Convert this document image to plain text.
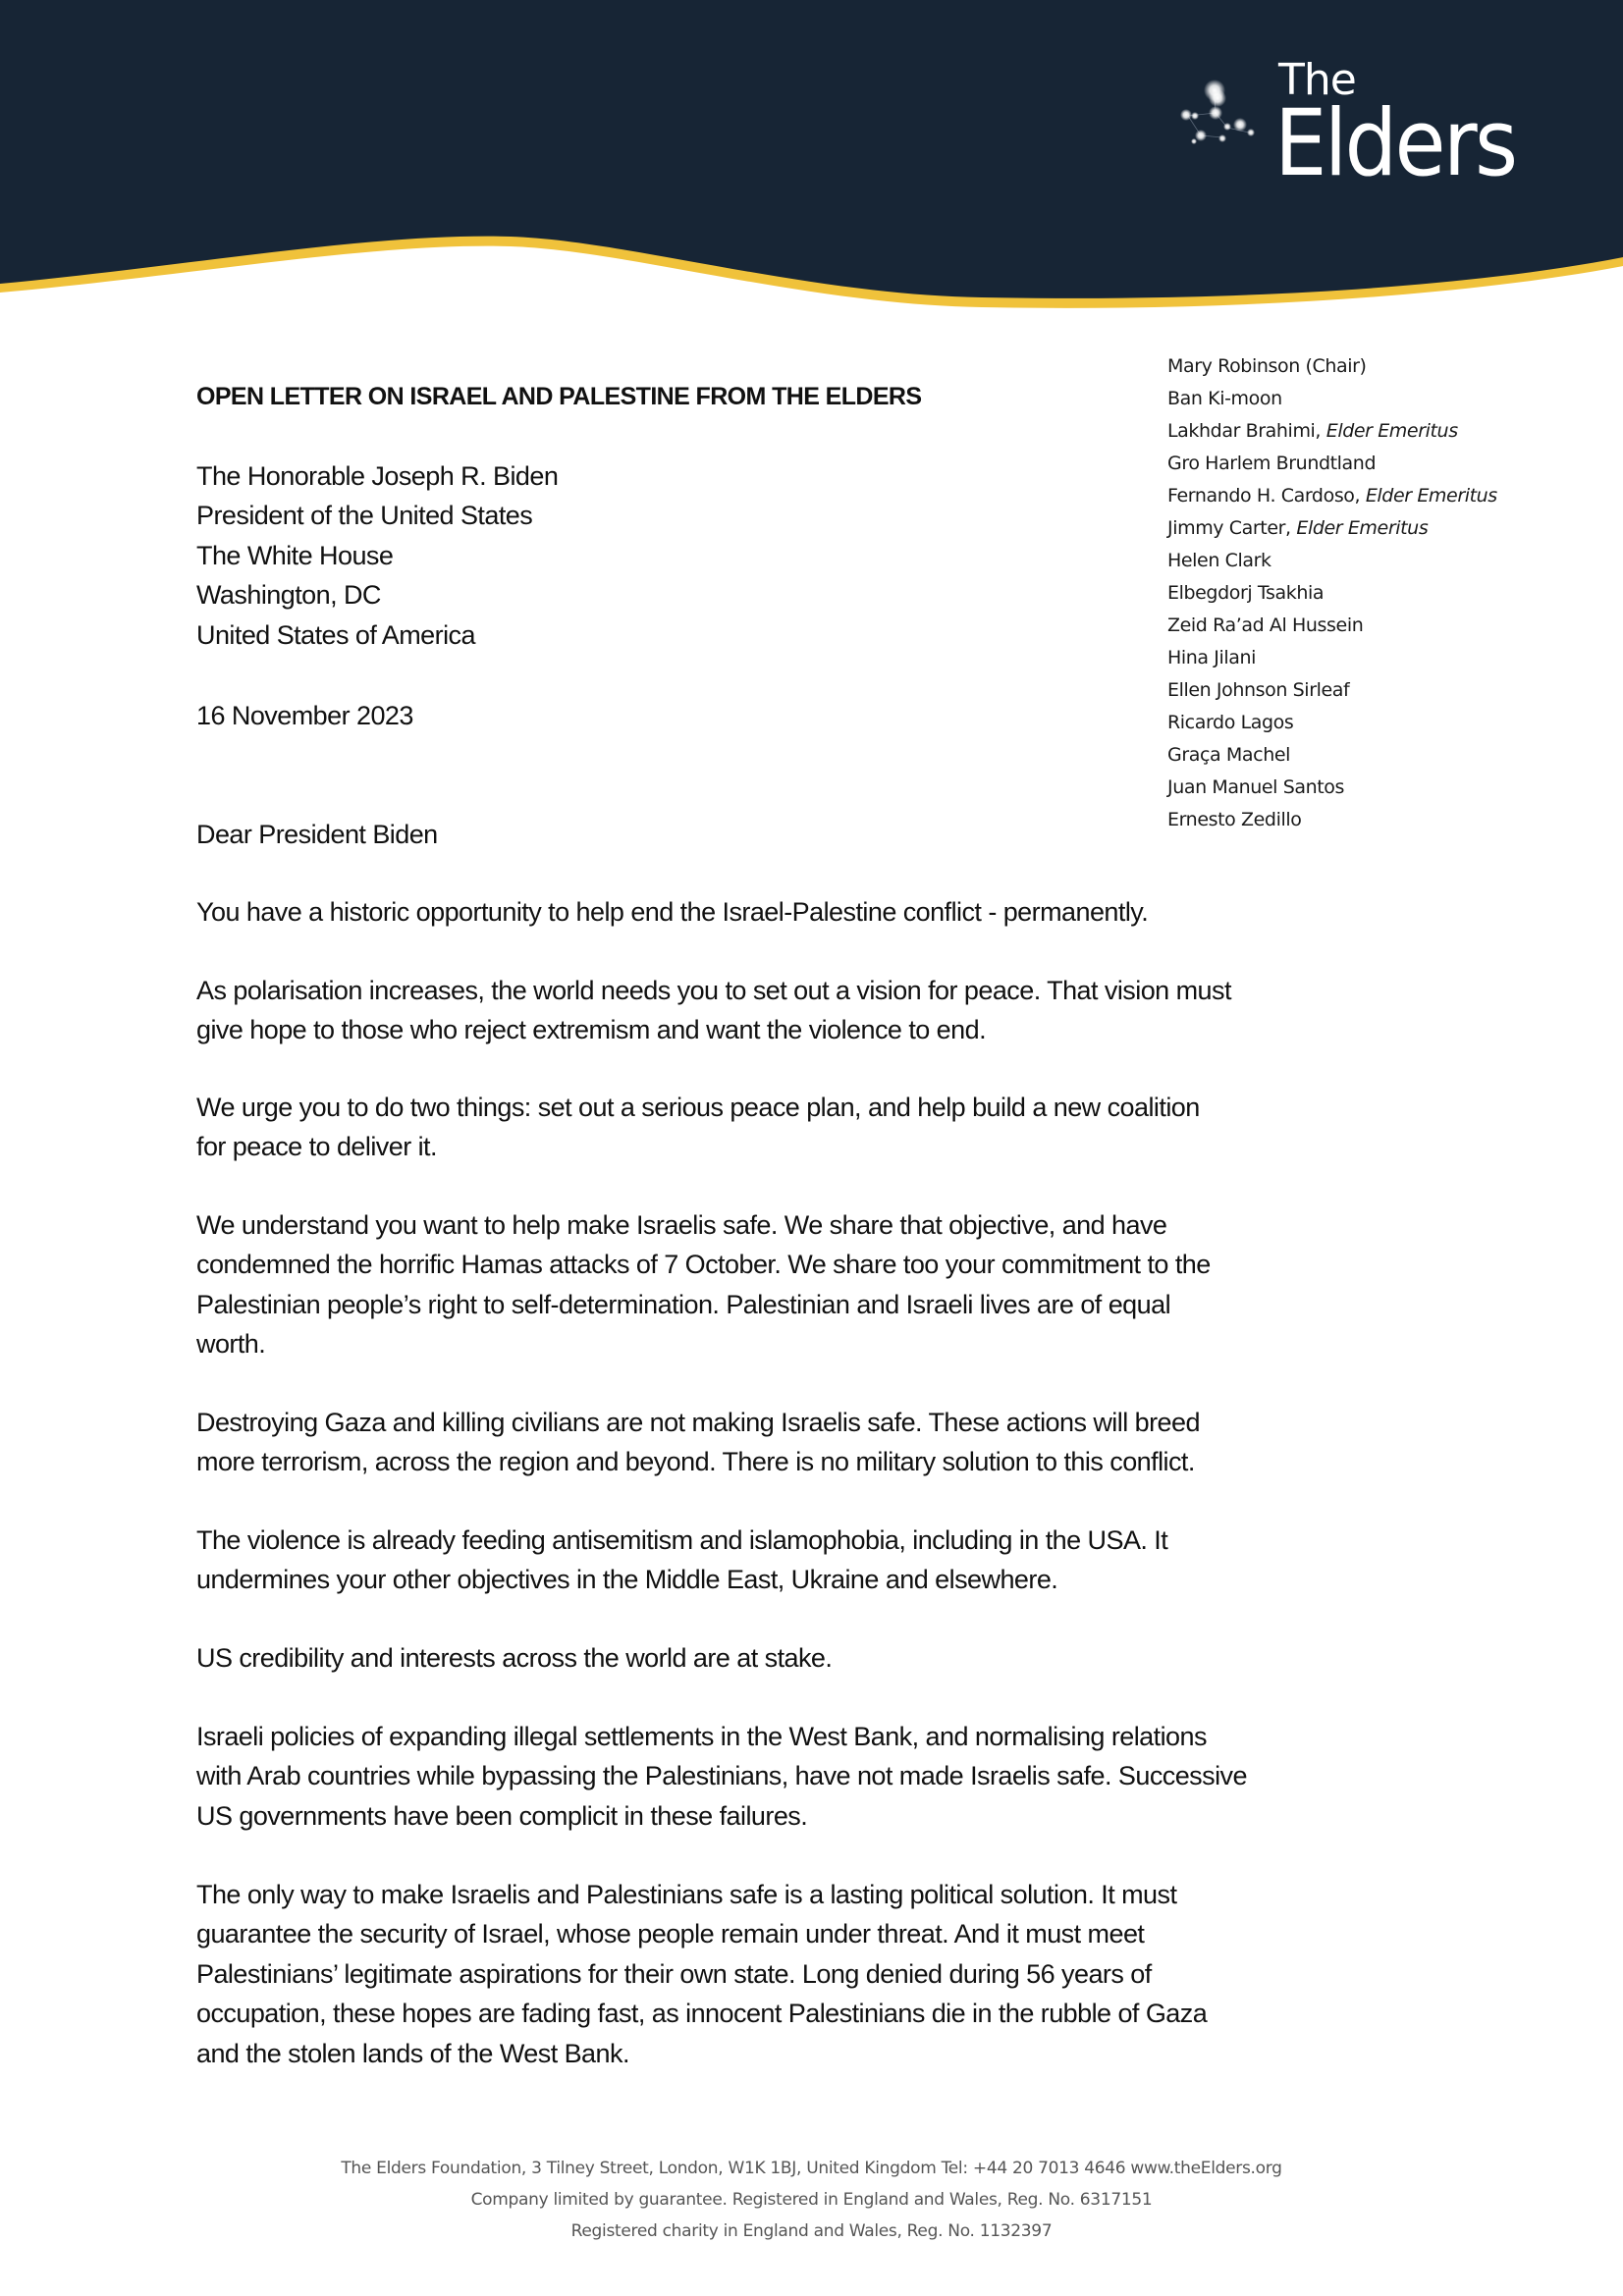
The
Elders
OPEN LETTER ON ISRAEL AND PALESTINE FROM THE ELDERS
The Honorable Joseph R. Biden
President of the United States
The White House
Washington, DC
United States of America
16 November 2023
Dear President Biden
You have a historic opportunity to help end the Israel-Palestine conflict - permanently.
As polarisation increases, the world needs you to set out a vision for peace. That vision must
give hope to those who reject extremism and want the violence to end.
We urge you to do two things: set out a serious peace plan, and help build a new coalition
for peace to deliver it.
We understand you want to help make Israelis safe. We share that objective, and have
condemned the horrific Hamas attacks of 7 October. We share too your commitment to the
Palestinian people’s right to self-determination. Palestinian and Israeli lives are of equal
worth.
Destroying Gaza and killing civilians are not making Israelis safe. These actions will breed
more terrorism, across the region and beyond. There is no military solution to this conflict.
The violence is already feeding antisemitism and islamophobia, including in the USA. It
undermines your other objectives in the Middle East, Ukraine and elsewhere.
US credibility and interests across the world are at stake.
Israeli policies of expanding illegal settlements in the West Bank, and normalising relations
with Arab countries while bypassing the Palestinians, have not made Israelis safe. Successive
US governments have been complicit in these failures.
The only way to make Israelis and Palestinians safe is a lasting political solution. It must
guarantee the security of Israel, whose people remain under threat. And it must meet
Palestinians’ legitimate aspirations for their own state. Long denied during 56 years of
occupation, these hopes are fading fast, as innocent Palestinians die in the rubble of Gaza
and the stolen lands of the West Bank.
Mary Robinson (Chair)
Ban Ki-moon
Lakhdar Brahimi, Elder Emeritus
Gro Harlem Brundtland
Fernando H. Cardoso, Elder Emeritus
Jimmy Carter, Elder Emeritus
Helen Clark
Elbegdorj Tsakhia
Zeid Ra’ad Al Hussein
Hina Jilani
Ellen Johnson Sirleaf
Ricardo Lagos
Graça Machel
Juan Manuel Santos
Ernesto Zedillo
The Elders Foundation, 3 Tilney Street, London, W1K 1BJ, United Kingdom Tel: +44 20 7013 4646 www.theElders.org
Company limited by guarantee. Registered in England and Wales, Reg. No. 6317151
Registered charity in England and Wales, Reg. No. 1132397
